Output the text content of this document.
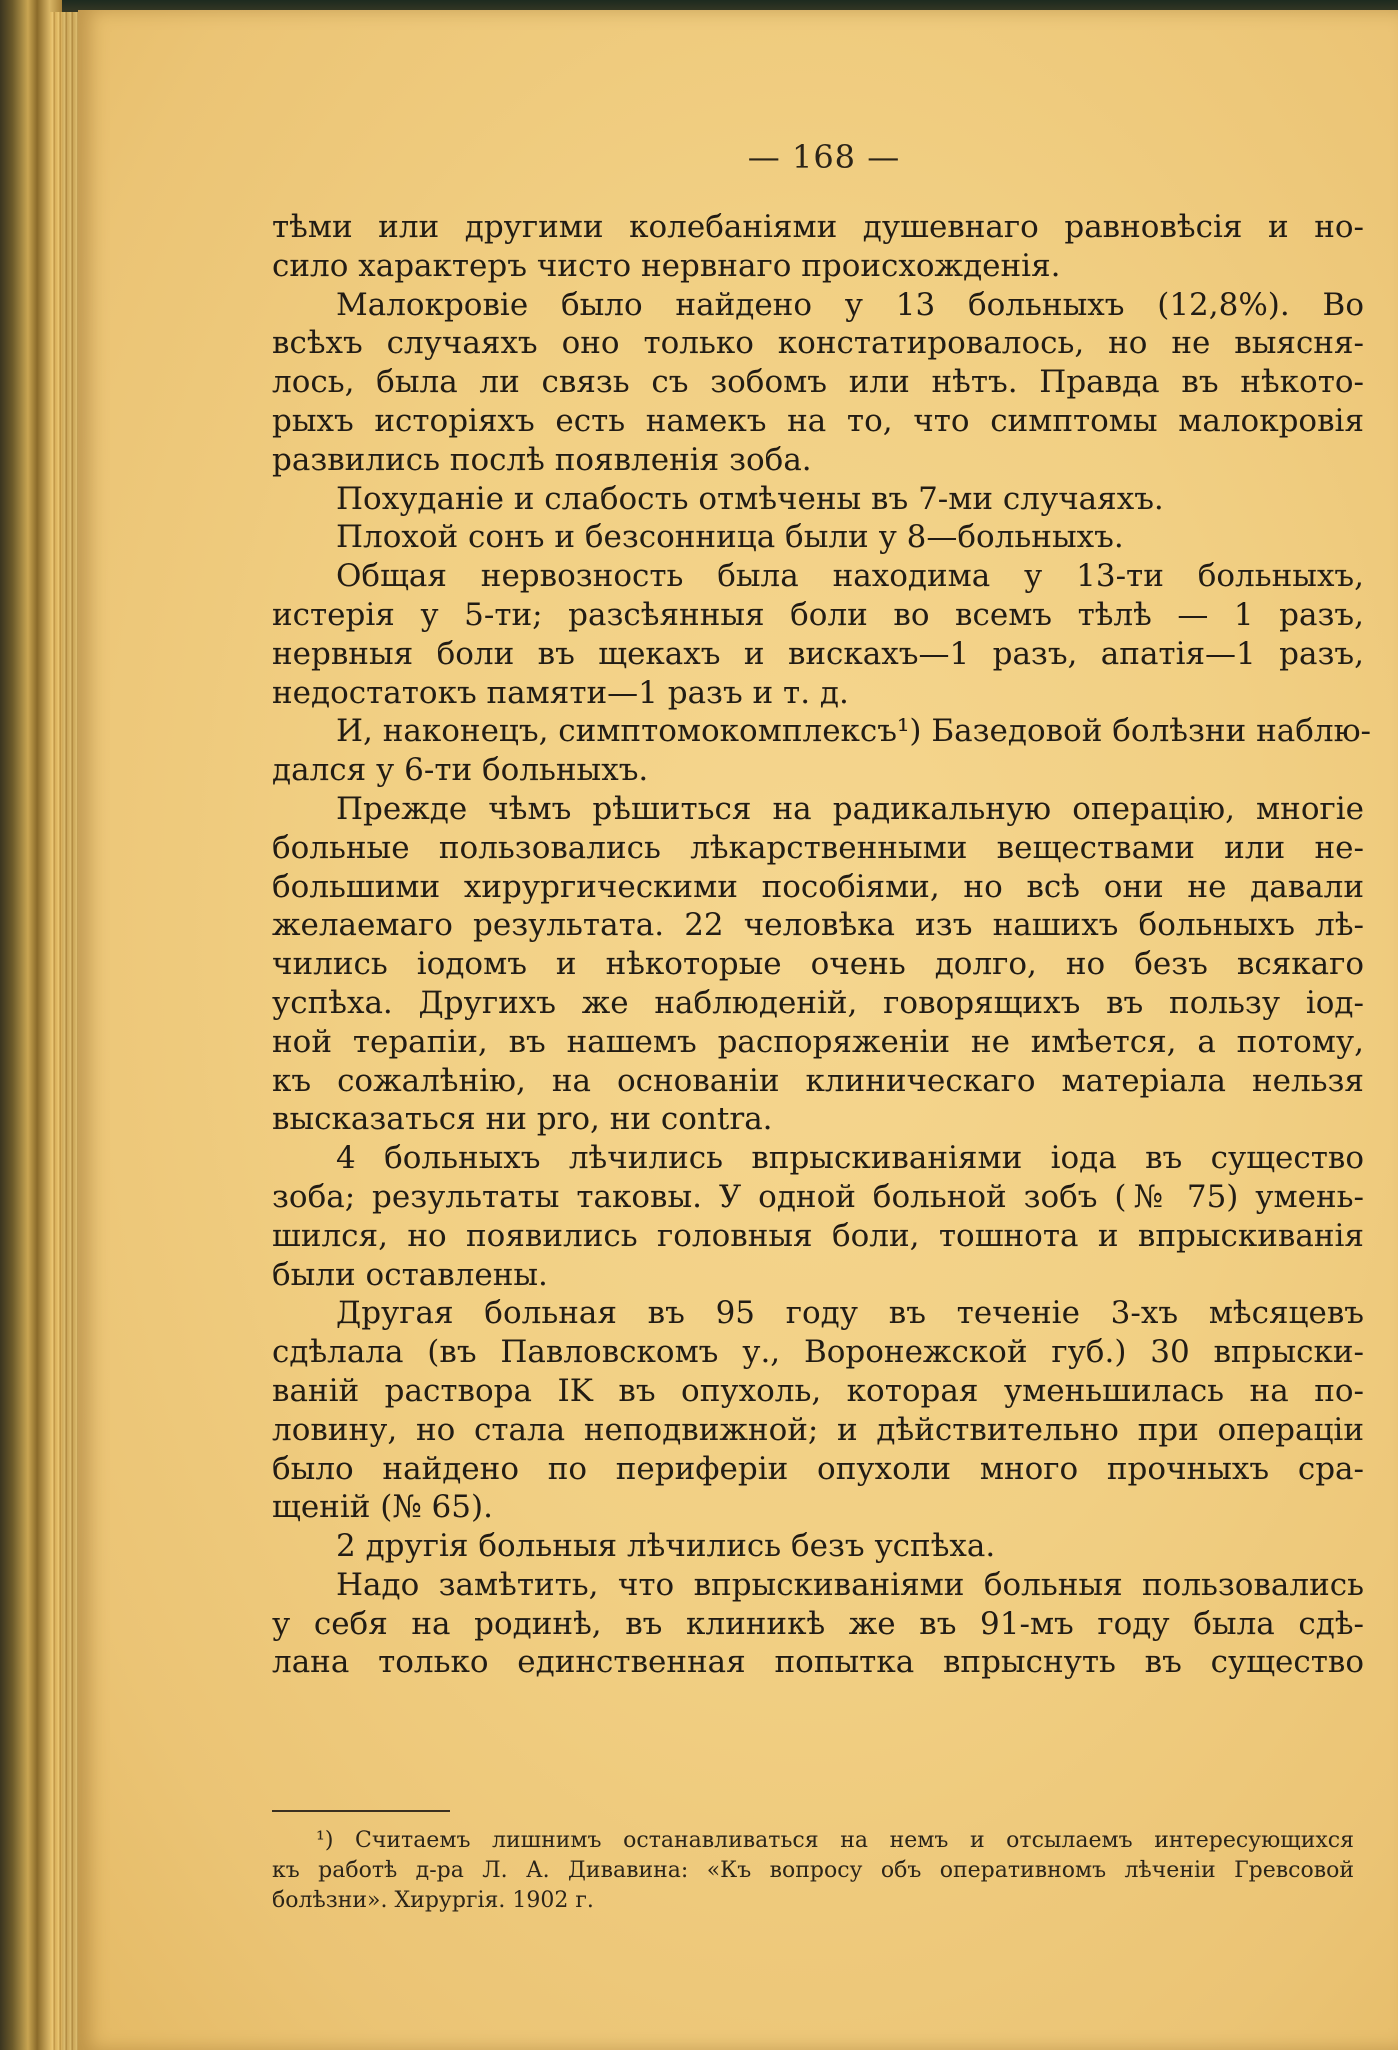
— 168 —
тѣми или другими колебаніями душевнаго равновѣсія и но-
сило характеръ чисто нервнаго происхожденія.
Малокровіе было найдено у 13 больныхъ (12,8%). Во
всѣхъ случаяхъ оно только констатировалось, но не выясня-
лось, была ли связь съ зобомъ или нѣтъ. Правда въ нѣкото-
рыхъ исторіяхъ есть намекъ на то, что симптомы малокровія
развились послѣ появленія зоба.
Похуданіе и слабость отмѣчены въ 7-ми случаяхъ.
Плохой сонъ и безсонница были у 8—больныхъ.
Общая нервозность была находима у 13-ти больныхъ,
истерія у 5-ти; разсѣянныя боли во всемъ тѣлѣ — 1 разъ,
нервныя боли въ щекахъ и вискахъ—1 разъ, апатія—1 разъ,
недостатокъ памяти—1 разъ и т. д.
И, наконецъ, симптомокомплексъ¹) Базедовой болѣзни наблю-
дался у 6-ти больныхъ.
Прежде чѣмъ рѣшиться на радикальную операцію, многіе
больные пользовались лѣкарственными веществами или не-
большими хирургическими пособіями, но всѣ они не давали
желаемаго результата. 22 человѣка изъ нашихъ больныхъ лѣ-
чились іодомъ и нѣкоторые очень долго, но безъ всякаго
успѣха. Другихъ же наблюденій, говорящихъ въ пользу іод-
ной терапіи, въ нашемъ распоряженіи не имѣется, а потому,
къ сожалѣнію, на основаніи клиническаго матеріала нельзя
высказаться ни pro, ни contra.
4 больныхъ лѣчились впрыскиваніями іода въ существо
зоба; результаты таковы. У одной больной зобъ (№ 75) умень-
шился, но появились головныя боли, тошнота и впрыскиванія
были оставлены.
Другая больная въ 95 году въ теченіе 3-хъ мѣсяцевъ
сдѣлала (въ Павловскомъ у., Воронежской губ.) 30 впрыски-
ваній раствора IK въ опухоль, которая уменьшилась на по-
ловину, но стала неподвижной; и дѣйствительно при операціи
было найдено по периферіи опухоли много прочныхъ сра-
щеній (№ 65).
2 другія больныя лѣчились безъ успѣха.
Надо замѣтить, что впрыскиваніями больныя пользовались
у себя на родинѣ, въ клиникѣ же въ 91-мъ году была сдѣ-
лана только единственная попытка впрыснуть въ существо
¹) Считаемъ лишнимъ останавливаться на немъ и отсылаемъ интересующихся
къ работѣ д-ра Л. А. Дивавина: «Къ вопросу объ оперативномъ лѣченіи Гревсовой
болѣзни». Хирургія. 1902 г.
